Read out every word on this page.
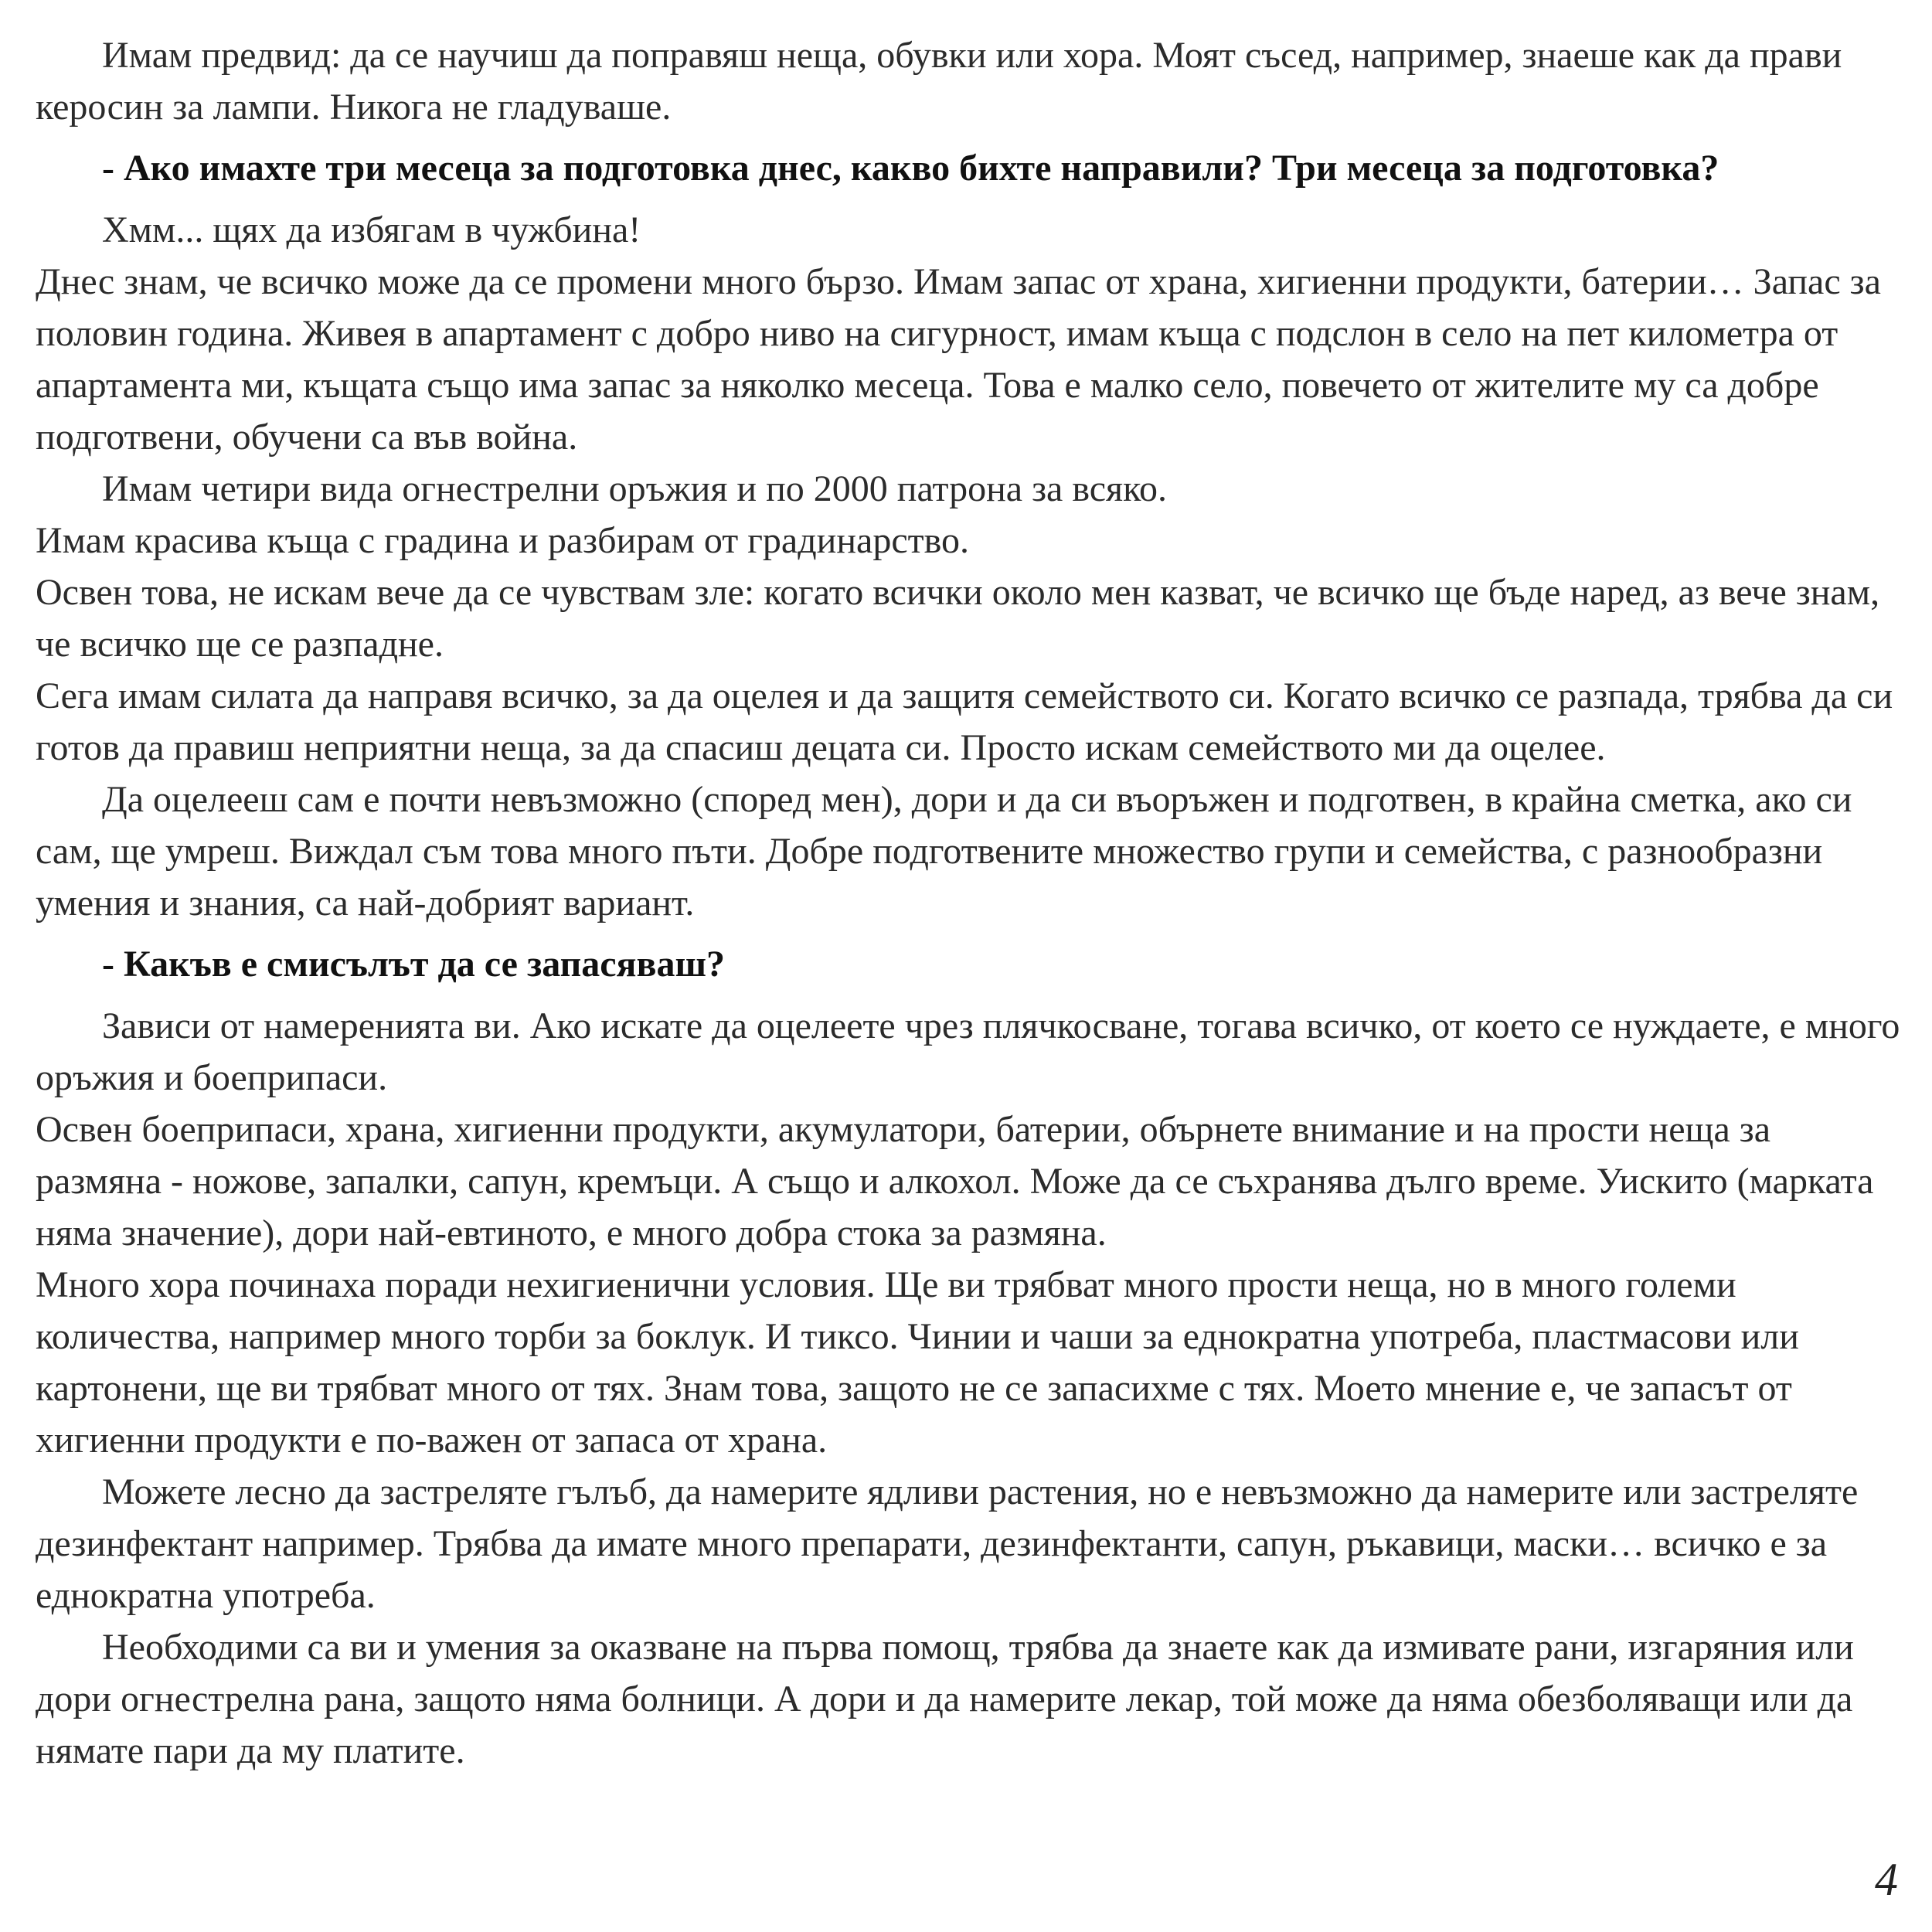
Имам предвид: да се научиш да поправяш неща, обувки или хора. Моят съсед, например, знаеше как да прави керосин за лампи. Никога не гладуваше.

- Ако имахте три месеца за подготовка днес, какво бихте направили? Три месеца за подготовка?

Хмм... щях да избягам в чужбина!

Днес знам, че всичко може да се промени много бързо. Имам запас от храна, хигиенни продукти, батерии… Запас за половин година. Живея в апартамент с добро ниво на сигурност, имам къща с подслон в село на пет километра от апартамента ми, къщата също има запас за няколко месеца. Това е малко село, повечето от жителите му са добре подготвени, обучени са във война.

Имам четири вида огнестрелни оръжия и по 2000 патрона за всяко.

Имам красива къща с градина и разбирам от градинарство.

Освен това, не искам вече да се чувствам зле: когато всички около мен казват, че всичко ще бъде наред, аз вече знам, че всичко ще се разпадне.

Сега имам силата да направя всичко, за да оцелея и да защитя семейството си. Когато всичко се разпада, трябва да си готов да правиш неприятни неща, за да спасиш децата си. Просто искам семейството ми да оцелее.

Да оцелееш сам е почти невъзможно (според мен), дори и да си въоръжен и подготвен, в крайна сметка, ако си сам, ще умреш. Виждал съм това много пъти. Добре подготвените множество групи и семейства, с разнообразни умения и знания, са най-добрият вариант.

- Какъв е смисълът да се запасяваш?

Зависи от намеренията ви. Ако искате да оцелеете чрез плячкосване, тогава всичко, от което се нуждаете, е много оръжия и боеприпаси.

Освен боеприпаси, храна, хигиенни продукти, акумулатори, батерии, обърнете внимание и на прости неща за размяна - ножове, запалки, сапун, кремъци. А също и алкохол. Може да се съхранява дълго време. Уискито (марката няма значение), дори най-евтиното, е много добра стока за размяна.

Много хора починаха поради нехигиенични условия. Ще ви трябват много прости неща, но в много големи количества, например много торби за боклук. И тиксо. Чинии и чаши за еднократна употреба, пластмасови или картонени, ще ви трябват много от тях. Знам това, защото не се запасихме с тях. Моето мнение е, че запасът от хигиенни продукти е по-важен от запаса от храна.

Можете лесно да застреляте гълъб, да намерите ядливи растения, но е невъзможно да намерите или застреляте дезинфектант например. Трябва да имате много препарати, дезинфектанти, сапун, ръкавици, маски… всичко е за еднократна употреба.

Необходими са ви и умения за оказване на първа помощ, трябва да знаете как да измивате рани, изгаряния или дори огнестрелна рана, защото няма болници. А дори и да намерите лекар, той може да няма обезболяващи или да нямате пари да му платите.

4
